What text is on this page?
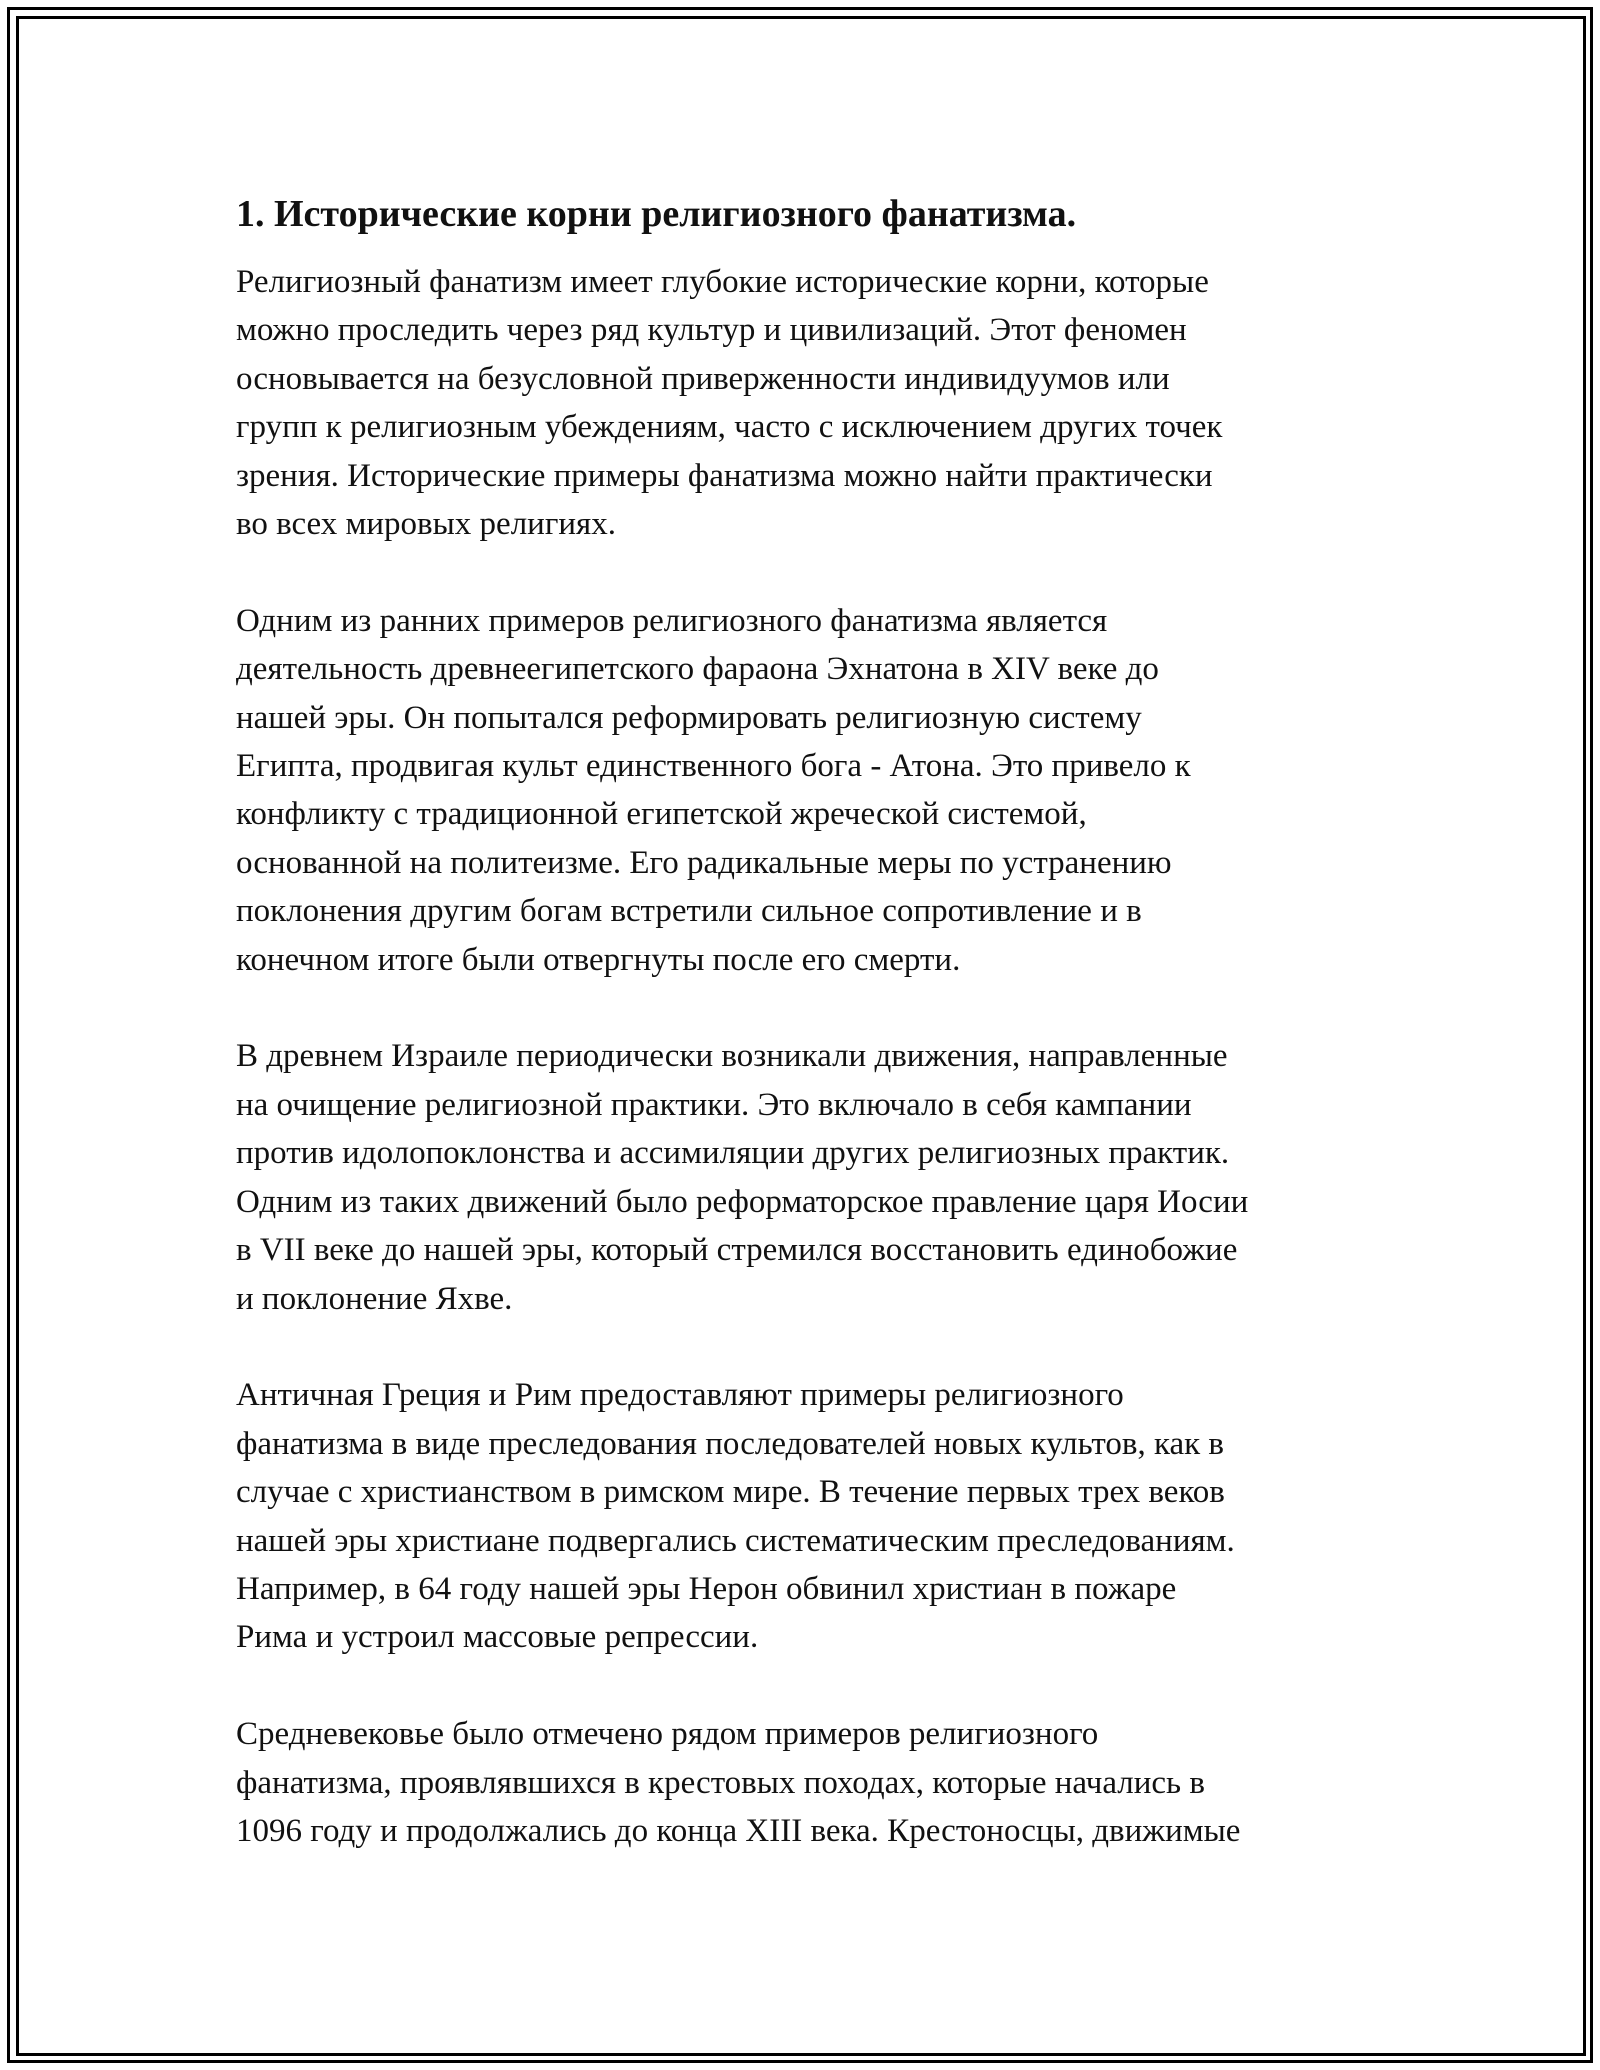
1. Исторические корни религиозного фанатизма.

Религиозный фанатизм имеет глубокие исторические корни, которые
можно проследить через ряд культур и цивилизаций. Этот феномен
основывается на безусловной приверженности индивидуумов или
групп к религиозным убеждениям, часто с исключением других точек
зрения. Исторические примеры фанатизма можно найти практически
во всех мировых религиях.

Одним из ранних примеров религиозного фанатизма является
деятельность древнеегипетского фараона Эхнатона в XIV веке до
нашей эры. Он попытался реформировать религиозную систему
Египта, продвигая культ единственного бога - Атона. Это привело к
конфликту с традиционной египетской жреческой системой,
основанной на политеизме. Его радикальные меры по устранению
поклонения другим богам встретили сильное сопротивление и в
конечном итоге были отвергнуты после его смерти.

В древнем Израиле периодически возникали движения, направленные
на очищение религиозной практики. Это включало в себя кампании
против идолопоклонства и ассимиляции других религиозных практик.
Одним из таких движений было реформаторское правление царя Иосии
в VII веке до нашей эры, который стремился восстановить единобожие
и поклонение Яхве.

Античная Греция и Рим предоставляют примеры религиозного
фанатизма в виде преследования последователей новых культов, как в
случае с христианством в римском мире. В течение первых трех веков
нашей эры христиане подвергались систематическим преследованиям.
Например, в 64 году нашей эры Нерон обвинил христиан в пожаре
Рима и устроил массовые репрессии.

Средневековье было отмечено рядом примеров религиозного
фанатизма, проявлявшихся в крестовых походах, которые начались в
1096 году и продолжались до конца XIII века. Крестоносцы, движимые
